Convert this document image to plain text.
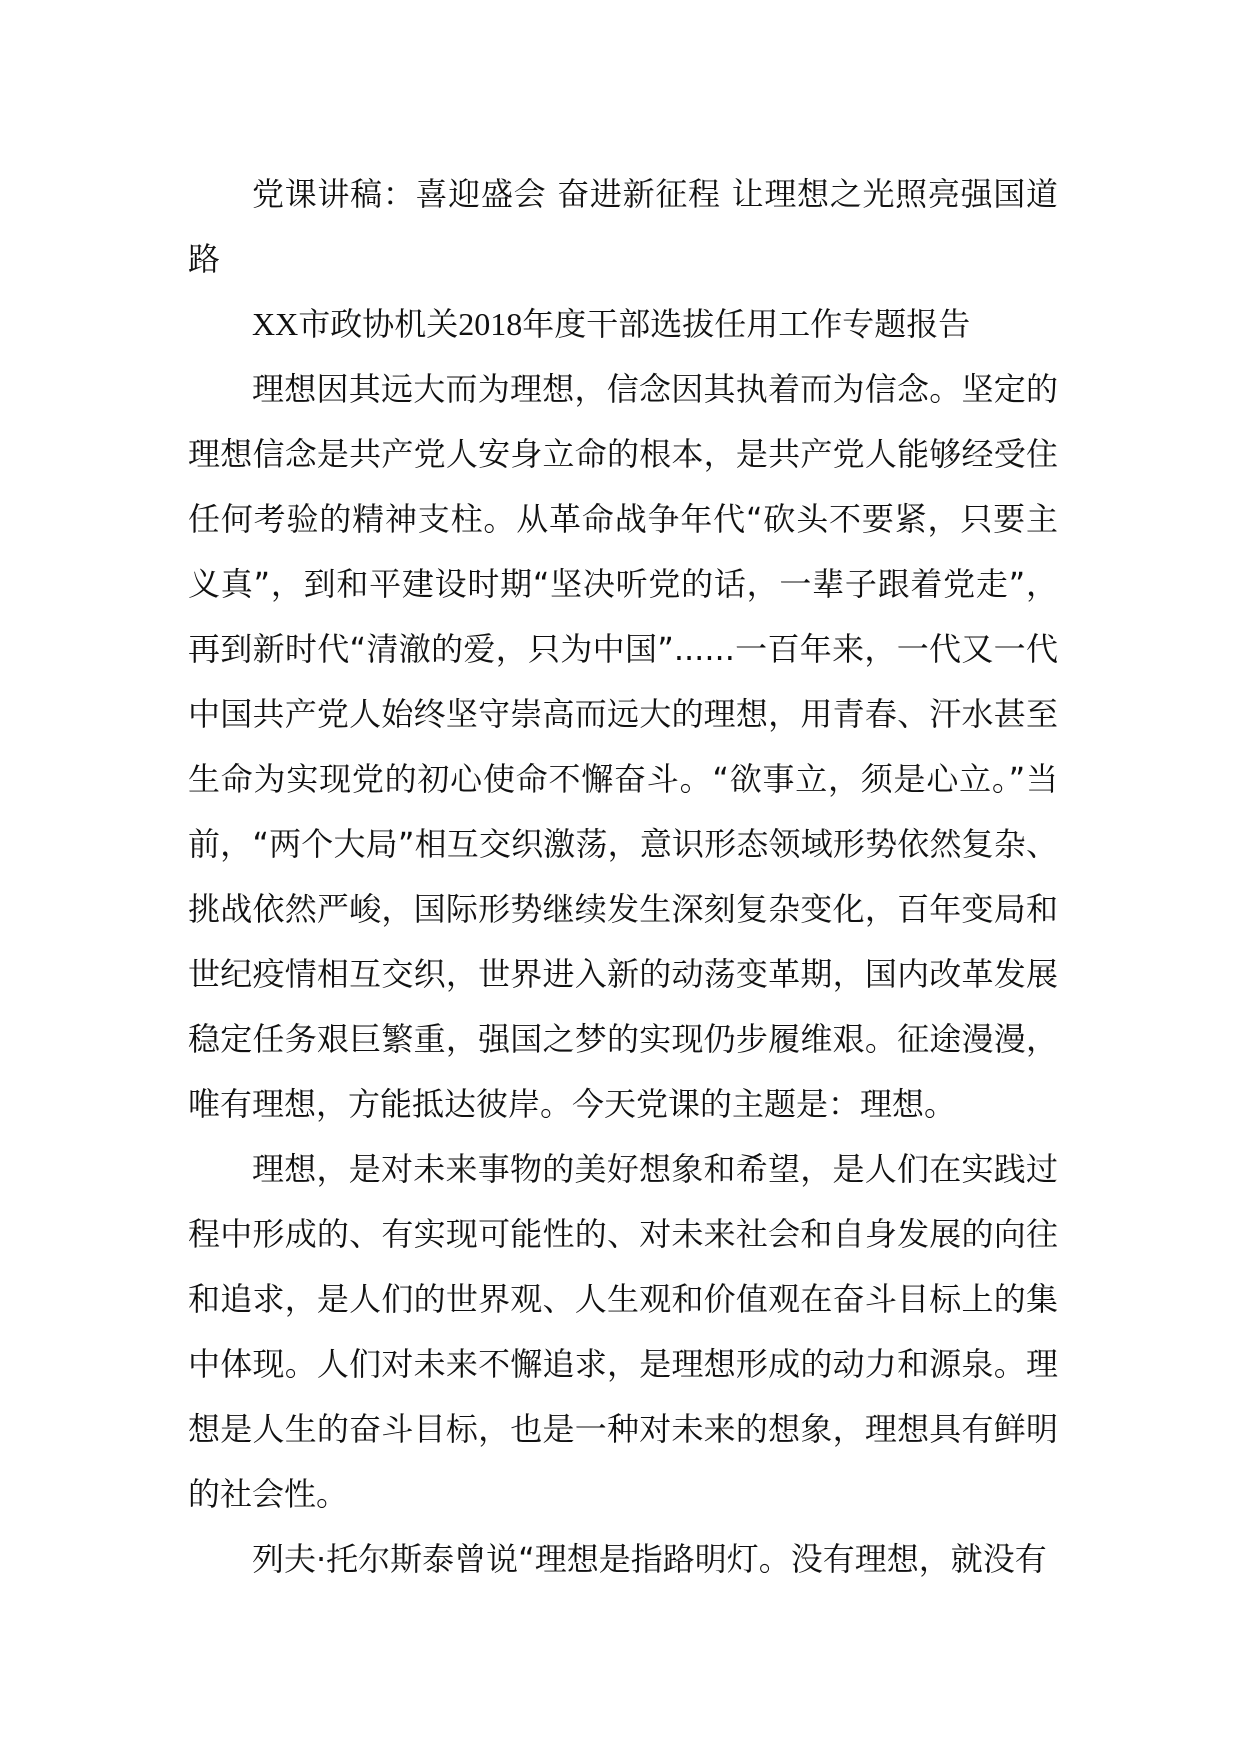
党课讲稿：喜迎盛会 奋进新征程 让理想之光照亮强国道路

XX市政协机关2018年度干部选拔任用工作专题报告

理想因其远大而为理想，信念因其执着而为信念。坚定的理想信念是共产党人安身立命的根本，是共产党人能够经受住任何考验的精神支柱。从革命战争年代“砍头不要紧，只要主义真”，到和平建设时期“坚决听党的话，一辈子跟着党走”，再到新时代“清澈的爱，只为中国”......一百年来，一代又一代中国共产党人始终坚守崇高而远大的理想，用青春、汗水甚至生命为实现党的初心使命不懈奋斗。“欲事立，须是心立。”当前，“两个大局”相互交织激荡，意识形态领域形势依然复杂、挑战依然严峻，国际形势继续发生深刻复杂变化，百年变局和世纪疫情相互交织，世界进入新的动荡变革期，国内改革发展稳定任务艰巨繁重，强国之梦的实现仍步履维艰。征途漫漫，唯有理想，方能抵达彼岸。今天党课的主题是：理想。

理想，是对未来事物的美好想象和希望，是人们在实践过程中形成的、有实现可能性的、对未来社会和自身发展的向往和追求，是人们的世界观、人生观和价值观在奋斗目标上的集中体现。人们对未来不懈追求，是理想形成的动力和源泉。理想是人生的奋斗目标，也是一种对未来的想象，理想具有鲜明的社会性。

列夫·托尔斯泰曾说“理想是指路明灯。没有理想，就没有
